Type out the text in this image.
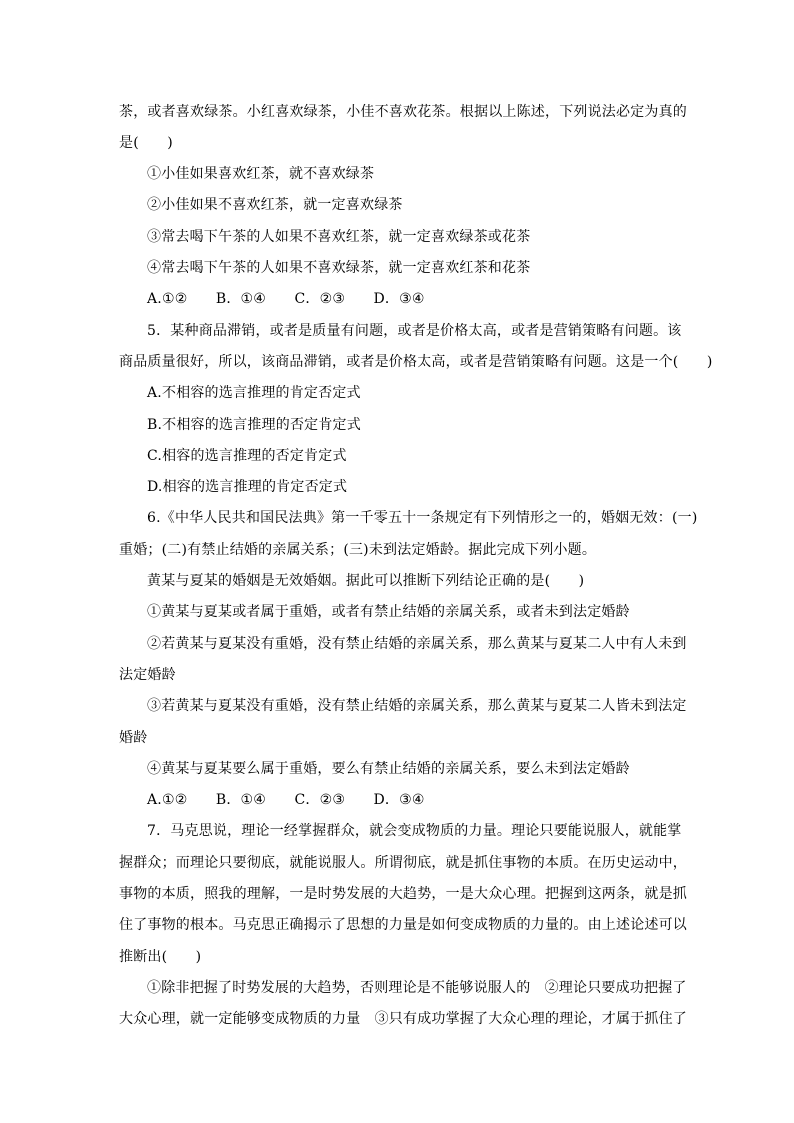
茶，或者喜欢绿茶。小红喜欢绿茶，小佳不喜欢花茶。根据以上陈述，下列说法必定为真的
是(　　)
①小佳如果喜欢红茶，就不喜欢绿茶
②小佳如果不喜欢红茶，就一定喜欢绿茶
③常去喝下午茶的人如果不喜欢红茶，就一定喜欢绿茶或花茶
④常去喝下午茶的人如果不喜欢绿茶，就一定喜欢红茶和花茶
A.①②　　B．①④　　C．②③　　D．③④
5．某种商品滞销，或者是质量有问题，或者是价格太高，或者是营销策略有问题。该
商品质量很好，所以，该商品滞销，或者是价格太高，或者是营销策略有问题。这是一个(　　)
A.不相容的选言推理的肯定否定式
B.不相容的选言推理的否定肯定式
C.相容的选言推理的否定肯定式
D.相容的选言推理的肯定否定式
6.《中华人民共和国民法典》第一千零五十一条规定有下列情形之一的，婚姻无效：(一)
重婚；(二)有禁止结婚的亲属关系；(三)未到法定婚龄。据此完成下列小题。
黄某与夏某的婚姻是无效婚姻。据此可以推断下列结论正确的是(　　)
①黄某与夏某或者属于重婚，或者有禁止结婚的亲属关系，或者未到法定婚龄
②若黄某与夏某没有重婚，没有禁止结婚的亲属关系，那么黄某与夏某二人中有人未到
法定婚龄
③若黄某与夏某没有重婚，没有禁止结婚的亲属关系，那么黄某与夏某二人皆未到法定
婚龄
④黄某与夏某要么属于重婚，要么有禁止结婚的亲属关系，要么未到法定婚龄
A.①②　　B．①④　　C．②③　　D．③④
7．马克思说，理论一经掌握群众，就会变成物质的力量。理论只要能说服人，就能掌
握群众；而理论只要彻底，就能说服人。所谓彻底，就是抓住事物的本质。在历史运动中，
事物的本质，照我的理解，一是时势发展的大趋势，一是大众心理。把握到这两条，就是抓
住了事物的根本。马克思正确揭示了思想的力量是如何变成物质的力量的。由上述论述可以
推断出(　　)
①除非把握了时势发展的大趋势，否则理论是不能够说服人的　②理论只要成功把握了
大众心理，就一定能够变成物质的力量　③只有成功掌握了大众心理的理论，才属于抓住了
